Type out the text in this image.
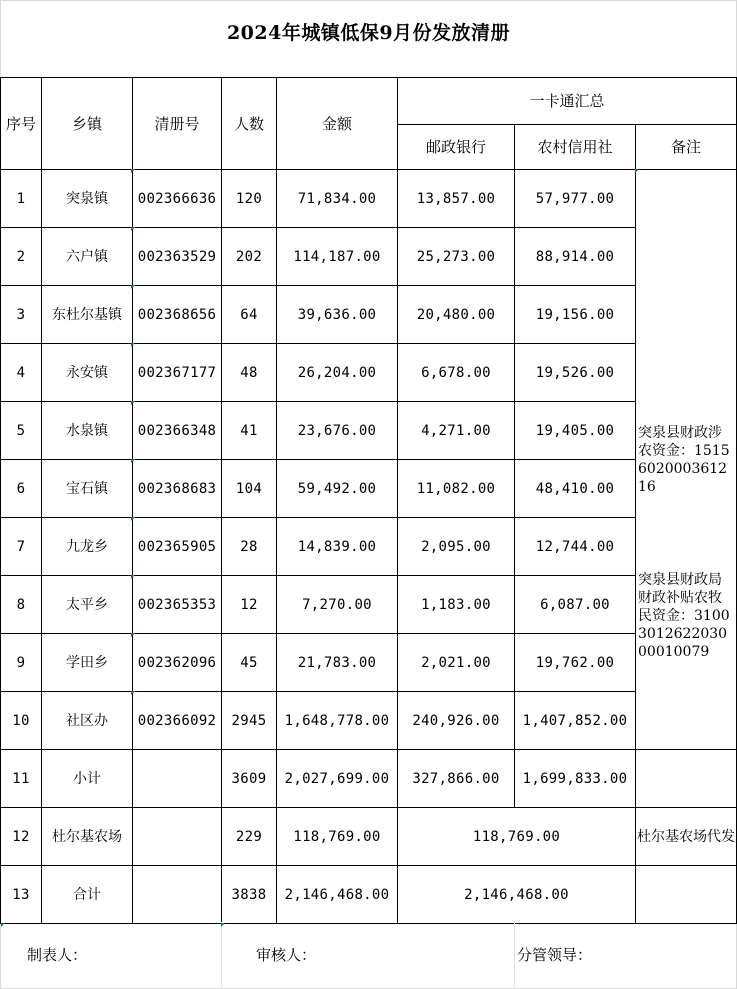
2024年城镇低保9月份发放清册
序号	乡镇	清册号	人数	金额	一卡通汇总		
					邮政银行	农村信用社	备注
1	突泉镇	002366636	120	71,834.00	13,857.00	57,977.00	突泉县财政涉农资金：1515602000361216
突泉县财政局财政补贴农牧民资金：3100301262203000010079

2	六户镇	002363529	202	114,187.00	25,273.00	88,914.00	
3	东杜尔基镇	002368656	64	39,636.00	20,480.00	19,156.00	
4	永安镇	002367177	48	26,204.00	6,678.00	19,526.00	
5	水泉镇	002366348	41	23,676.00	4,271.00	19,405.00	
6	宝石镇	002368683	104	59,492.00	11,082.00	48,410.00	
7	九龙乡	002365905	28	14,839.00	2,095.00	12,744.00	
8	太平乡	002365353	12	7,270.00	1,183.00	6,087.00	
9	学田乡	002362096	45	21,783.00	2,021.00	19,762.00	
10	社区办	002366092	2945	1,648,778.00	240,926.00	1,407,852.00	
11	小计		3609	2,027,699.00	327,866.00	1,699,833.00	
12	杜尔基农场		229	118,769.00	118,769.00		杜尔基农场代发
13	合计		3838	2,146,468.00	2,146,468.00		
制表人：	审核人：	分管领导：
